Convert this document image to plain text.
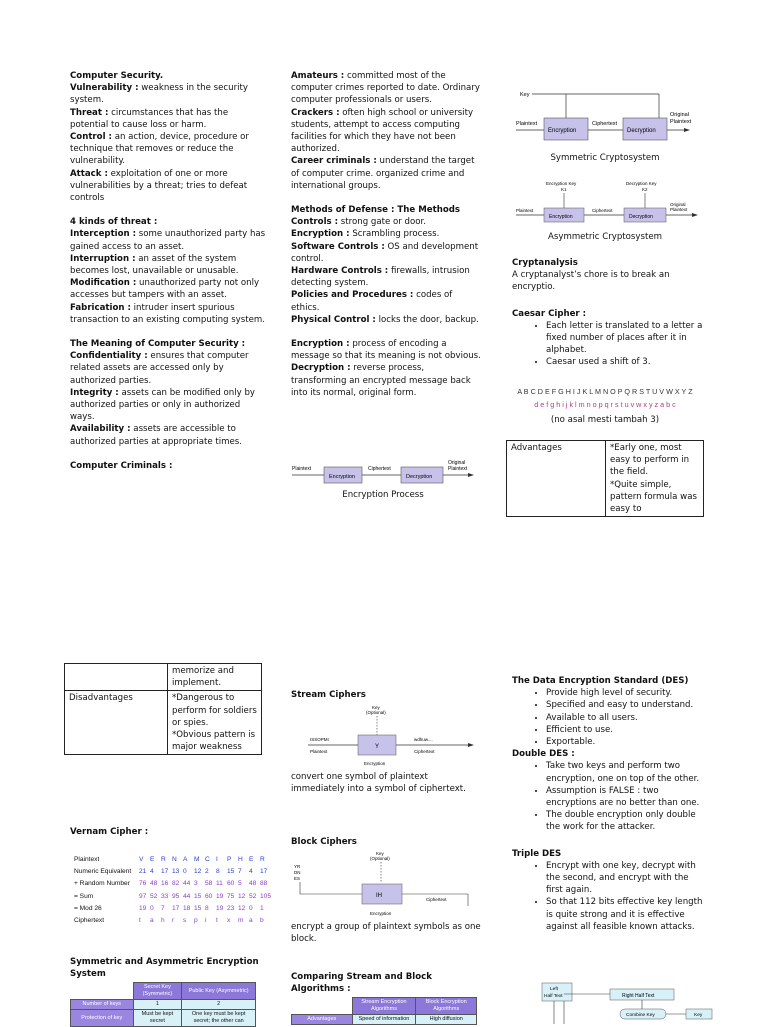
Computer Security.

Vulnerability : weakness in the security system.

Threat : circumstances that has the potential to cause loss or harm.

Control : an action, device, procedure or technique that removes or reduce the vulnerability.

Attack : exploitation of one or more vulnerabilities by a threat; tries to defeat controls

4 kinds of threat :

Interception : some unauthorized party has gained access to an asset.

Interruption : an asset of the system becomes lost, unavailable or unusable.

Modification : unauthorized party not only accesses but tampers with an asset.

Fabrication : intruder insert spurious transaction to an existing computing system.

The Meaning of Computer Security :

Confidentiality : ensures that computer related assets are accessed only by authorized parties.

Integrity : assets can be modified only by authorized parties or only in authorized ways.

Availability : assets are accessible to authorized parties at appropriate times.

Computer Criminals :

Amateurs : committed most of the computer crimes reported to date. Ordinary computer professionals or users.

Crackers : often high school or university students, attempt to access computing facilities for which they have not been authorized.

Career criminals : understand the target of computer crime. organized crime and international groups.

Methods of Defense : The Methods

Controls : strong gate or door.

Encryption : Scrambling process.

Software Controls : OS and development control.

Hardware Controls : firewalls, intrusion detecting system.

Policies and Procedures : codes of ethics.

Physical Control : locks the door, backup.

Encryption : process of encoding a message so that its meaning is not obvious.

Decryption : reverse process, transforming an encrypted message back into its normal, original form.

Plaintext
Encryption
Ciphertext
Decryption
Original
Plaintext
Encryption Process
Key
Plaintext
Encryption
Ciphertext
Decryption
Original
Plaintext
Symmetric Cryptosystem
Encryption Key
K1
Decryption Key
K2
Plaintext
Encryption
Ciphertext
Decryption
Original
Plaintext
Asymmetric Cryptosystem

Cryptanalysis

A cryptanalyst’s chore is to break an encryptio.

Caesar Cipher :

• Each letter is translated to a letter a fixed number of places after it in alphabet.
• Caesar used a shift of 3.
A B C D E F G H I J K L M N O P Q R S T U V W X Y Z
d e f g h i j k l m n o p q r s t u v w x y z a b c
(no asal mesti tambah 3)
Advantages	*Early one, most easy to perform in the field.
*Quite simple, pattern formula was easy to
	memorize and implement.
Disadvantages	*Dangerous to perform for soldiers or spies.
*Obvious pattern is major weakness
Vernam Cipher :
Plaintext	V	E	R	N	A	M	C	I	P	H	E	R
Numeric Equivalent	21	4	17	13	0	12	2	8	15	7	4	17
+ Random Number	76	48	16	82	44	3	58	11	60	5	48	88
= Sum	97	52	33	95	44	15	60	19	75	12	52	105
= Mod 26	19	0	7	17	18	15	8	19	23	12	0	1
Ciphertext	t	a	h	r	s	p	i	t	x	m	a	b
Symmetric and Asymmetric Encryption System
	Secret Key (Symmetric)	Public Key (Asymmetric)
Number of keys	1	2
Protection of key	Must be kept secret	One key must be kept secret; the other can
Stream Ciphers
Key
(Optional)
Y
ISSOPMI
Plaintext
wdhuw....
Ciphertext
Encryption
convert one symbol of plaintext immediately into a symbol of ciphertext.
Block Ciphers
Key
(Optional)
YR
DN
ES
IH
Ciphertext
Encryption
encrypt a group of plaintext symbols as one block.
Comparing Stream and Block Algorithms :
	Stream Encryption Algorithms	Block Encryption Algorithms
Advantages	Speed of information	High diffusion

The Data Encryption Standard (DES)

• Provide high level of security.
• Specified and easy to understand.
• Available to all users.
• Efficient to use.
• Exportable.

Double DES :

• Take two keys and perform two encryption, one on top of the other.
• Assumption is FALSE : two encryptions are no better than one.
• The double encryption only double the work for the attacker.

Triple DES

• Encrypt with one key, decrypt with the second, and encrypt with the first again.
• So that 112 bits effective key length is quite strong and it is effective against all feasible known attacks.
Left
Half Text	Right Half Text
Combine Key	Key
